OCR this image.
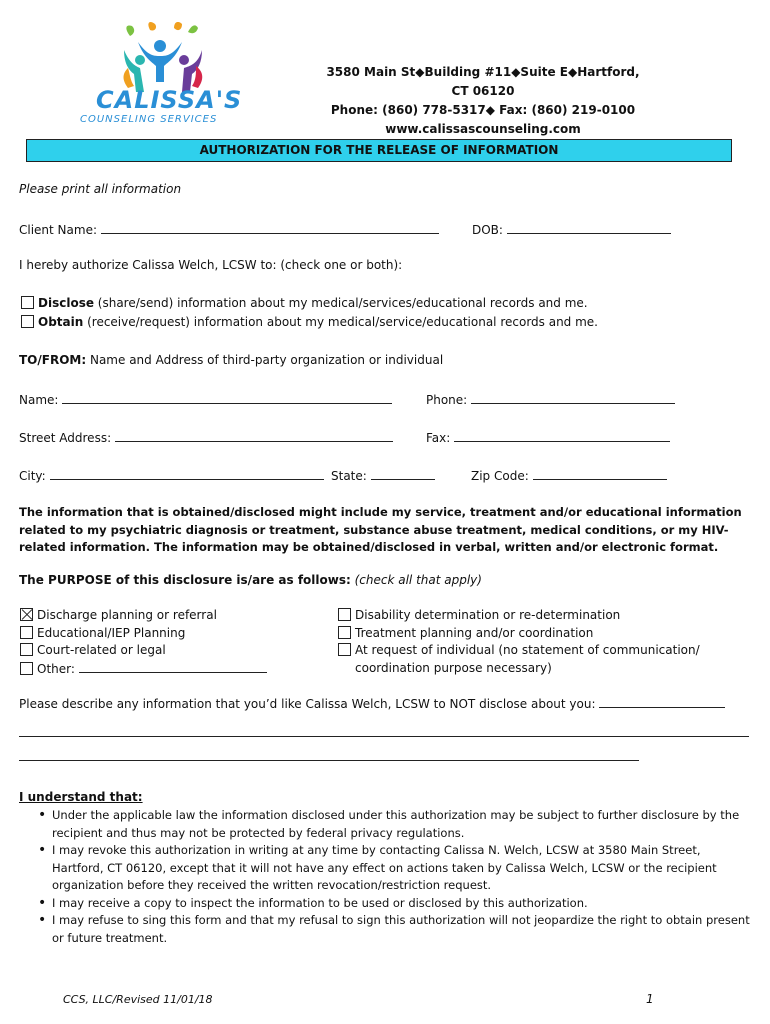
CALISSA'S
COUNSELING SERVICES
3580 Main St◆Building #11◆Suite E◆Hartford, CT 06120
Phone: (860) 778-5317◆ Fax: (860) 219-0100
www.calissascounseling.com
AUTHORIZATION FOR THE RELEASE OF INFORMATION
Please print all information
Client Name:	DOB:
I hereby authorize Calissa Welch, LCSW to: (check one or both):
Disclose (share/send) information about my medical/services/educational records and me.
Obtain (receive/request) information about my medical/service/educational records and me.
TO/FROM: Name and Address of third-party organization or individual
Name:	Phone:
Street Address:	Fax:
City:	State:	Zip Code:
The information that is obtained/disclosed might include my service, treatment and/or educational information related to my psychiatric diagnosis or treatment, substance abuse treatment, medical conditions, or my HIV-related information. The information may be obtained/disclosed in verbal, written and/or electronic format.
The PURPOSE of this disclosure is/are as follows: (check all that apply)
Discharge planning or referral
Educational/IEP Planning
Court-related or legal
Other:
Disability determination or re-determination
Treatment planning and/or coordination
At request of individual (no statement of communication/
coordination purpose necessary)
Please describe any information that you’d like Calissa Welch, LCSW to NOT disclose about you:
I understand that:
• Under the applicable law the information disclosed under this authorization may be subject to further disclosure by the recipient and thus may not be protected by federal privacy regulations.
• I may revoke this authorization in writing at any time by contacting Calissa N. Welch, LCSW at 3580 Main Street, Hartford, CT 06120, except that it will not have any effect on actions taken by Calissa Welch, LCSW or the recipient organization before they received the written revocation/restriction request.
• I may receive a copy to inspect the information to be used or disclosed by this authorization.
• I may refuse to sing this form and that my refusal to sign this authorization will not jeopardize the right to obtain present or future treatment.
CCS, LLC/Revised 11/01/18	1
